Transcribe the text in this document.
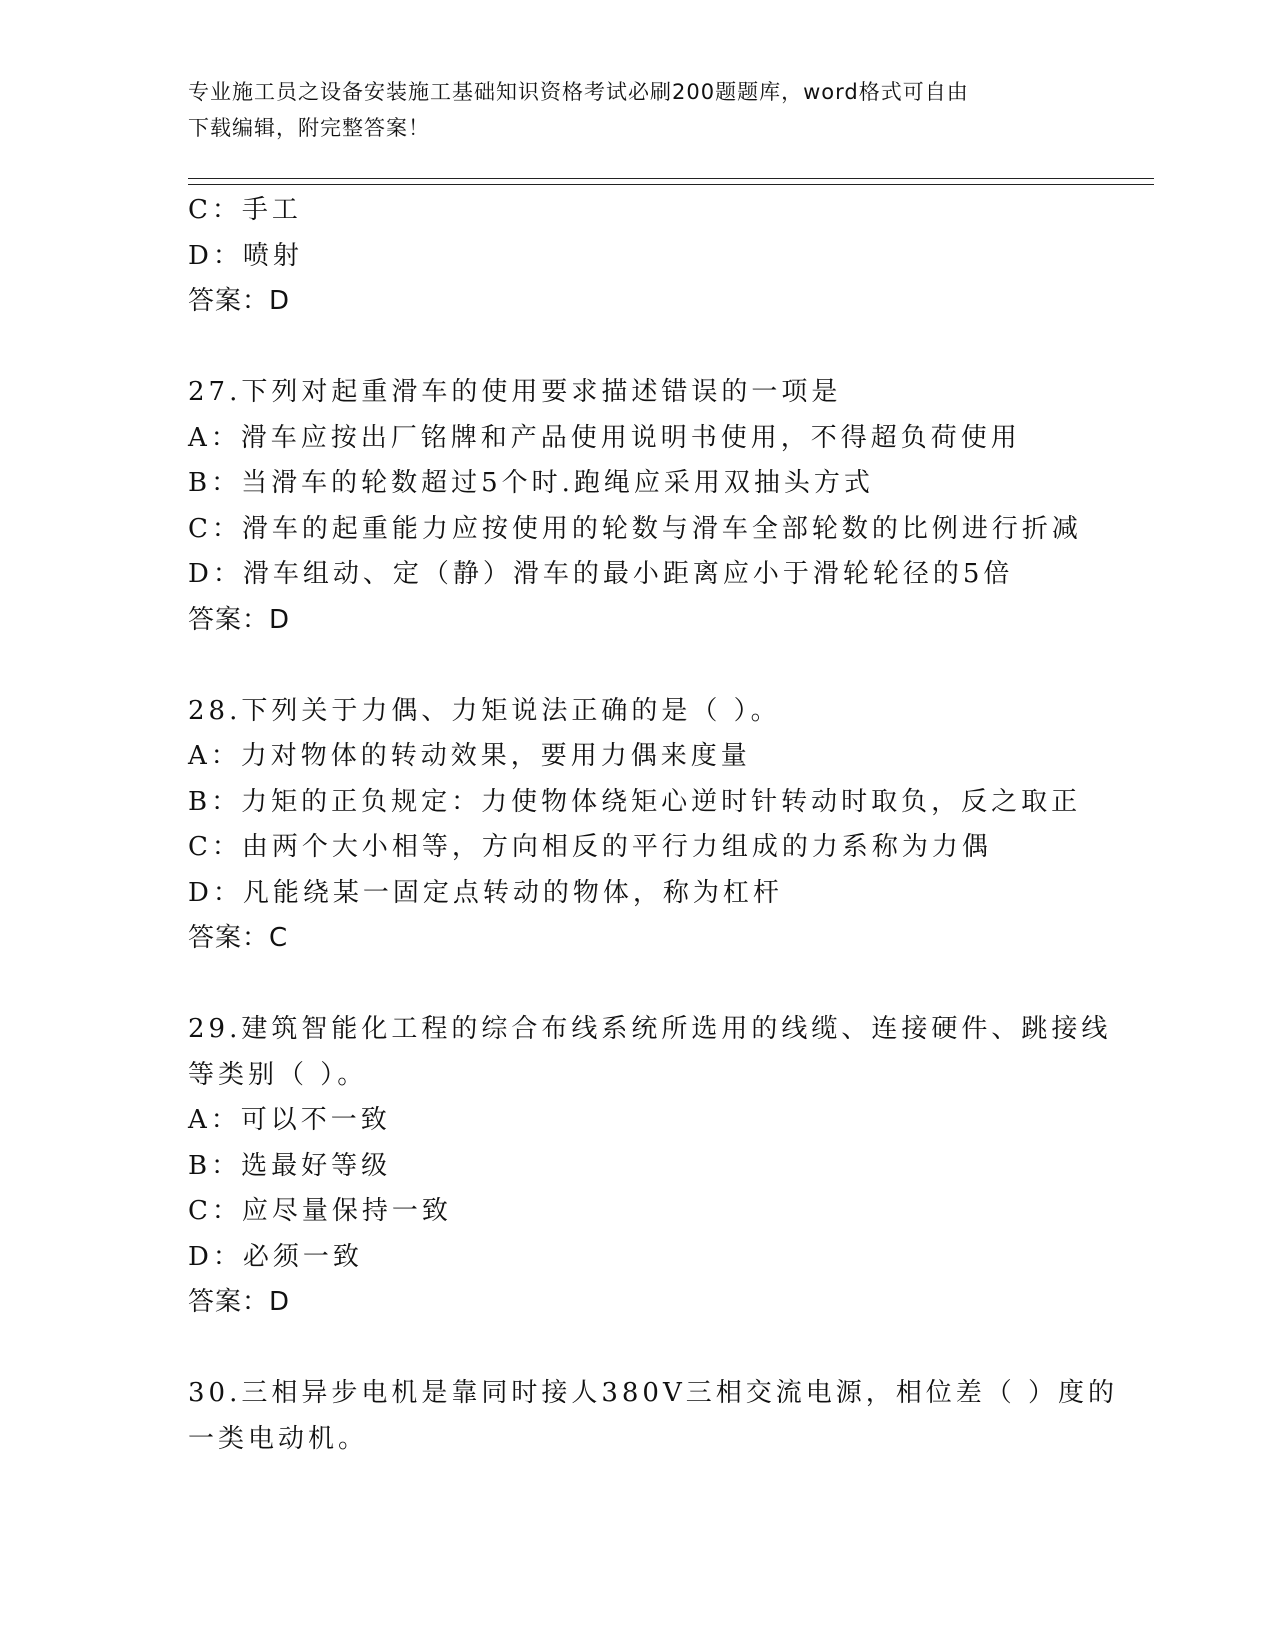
专业施工员之设备安装施工基础知识资格考试必刷200题题库，word格式可自由
下载编辑，附完整答案！
C：手工
D：喷射
答案：D
27.下列对起重滑车的使用要求描述错误的一项是
A：滑车应按出厂铭牌和产品使用说明书使用，不得超负荷使用
B：当滑车的轮数超过5个时.跑绳应采用双抽头方式
C：滑车的起重能力应按使用的轮数与滑车全部轮数的比例进行折减
D：滑车组动、定（静）滑车的最小距离应小于滑轮轮径的5倍
答案：D
28.下列关于力偶、力矩说法正确的是（ ）。
A：力对物体的转动效果，要用力偶来度量
B：力矩的正负规定：力使物体绕矩心逆时针转动时取负，反之取正
C：由两个大小相等，方向相反的平行力组成的力系称为力偶
D：凡能绕某一固定点转动的物体，称为杠杆
答案：C
29.建筑智能化工程的综合布线系统所选用的线缆、连接硬件、跳接线
等类别（ ）。
A：可以不一致
B：选最好等级
C：应尽量保持一致
D：必须一致
答案：D
30.三相异步电机是靠同时接人380V三相交流电源，相位差（ ）度的
一类电动机。
